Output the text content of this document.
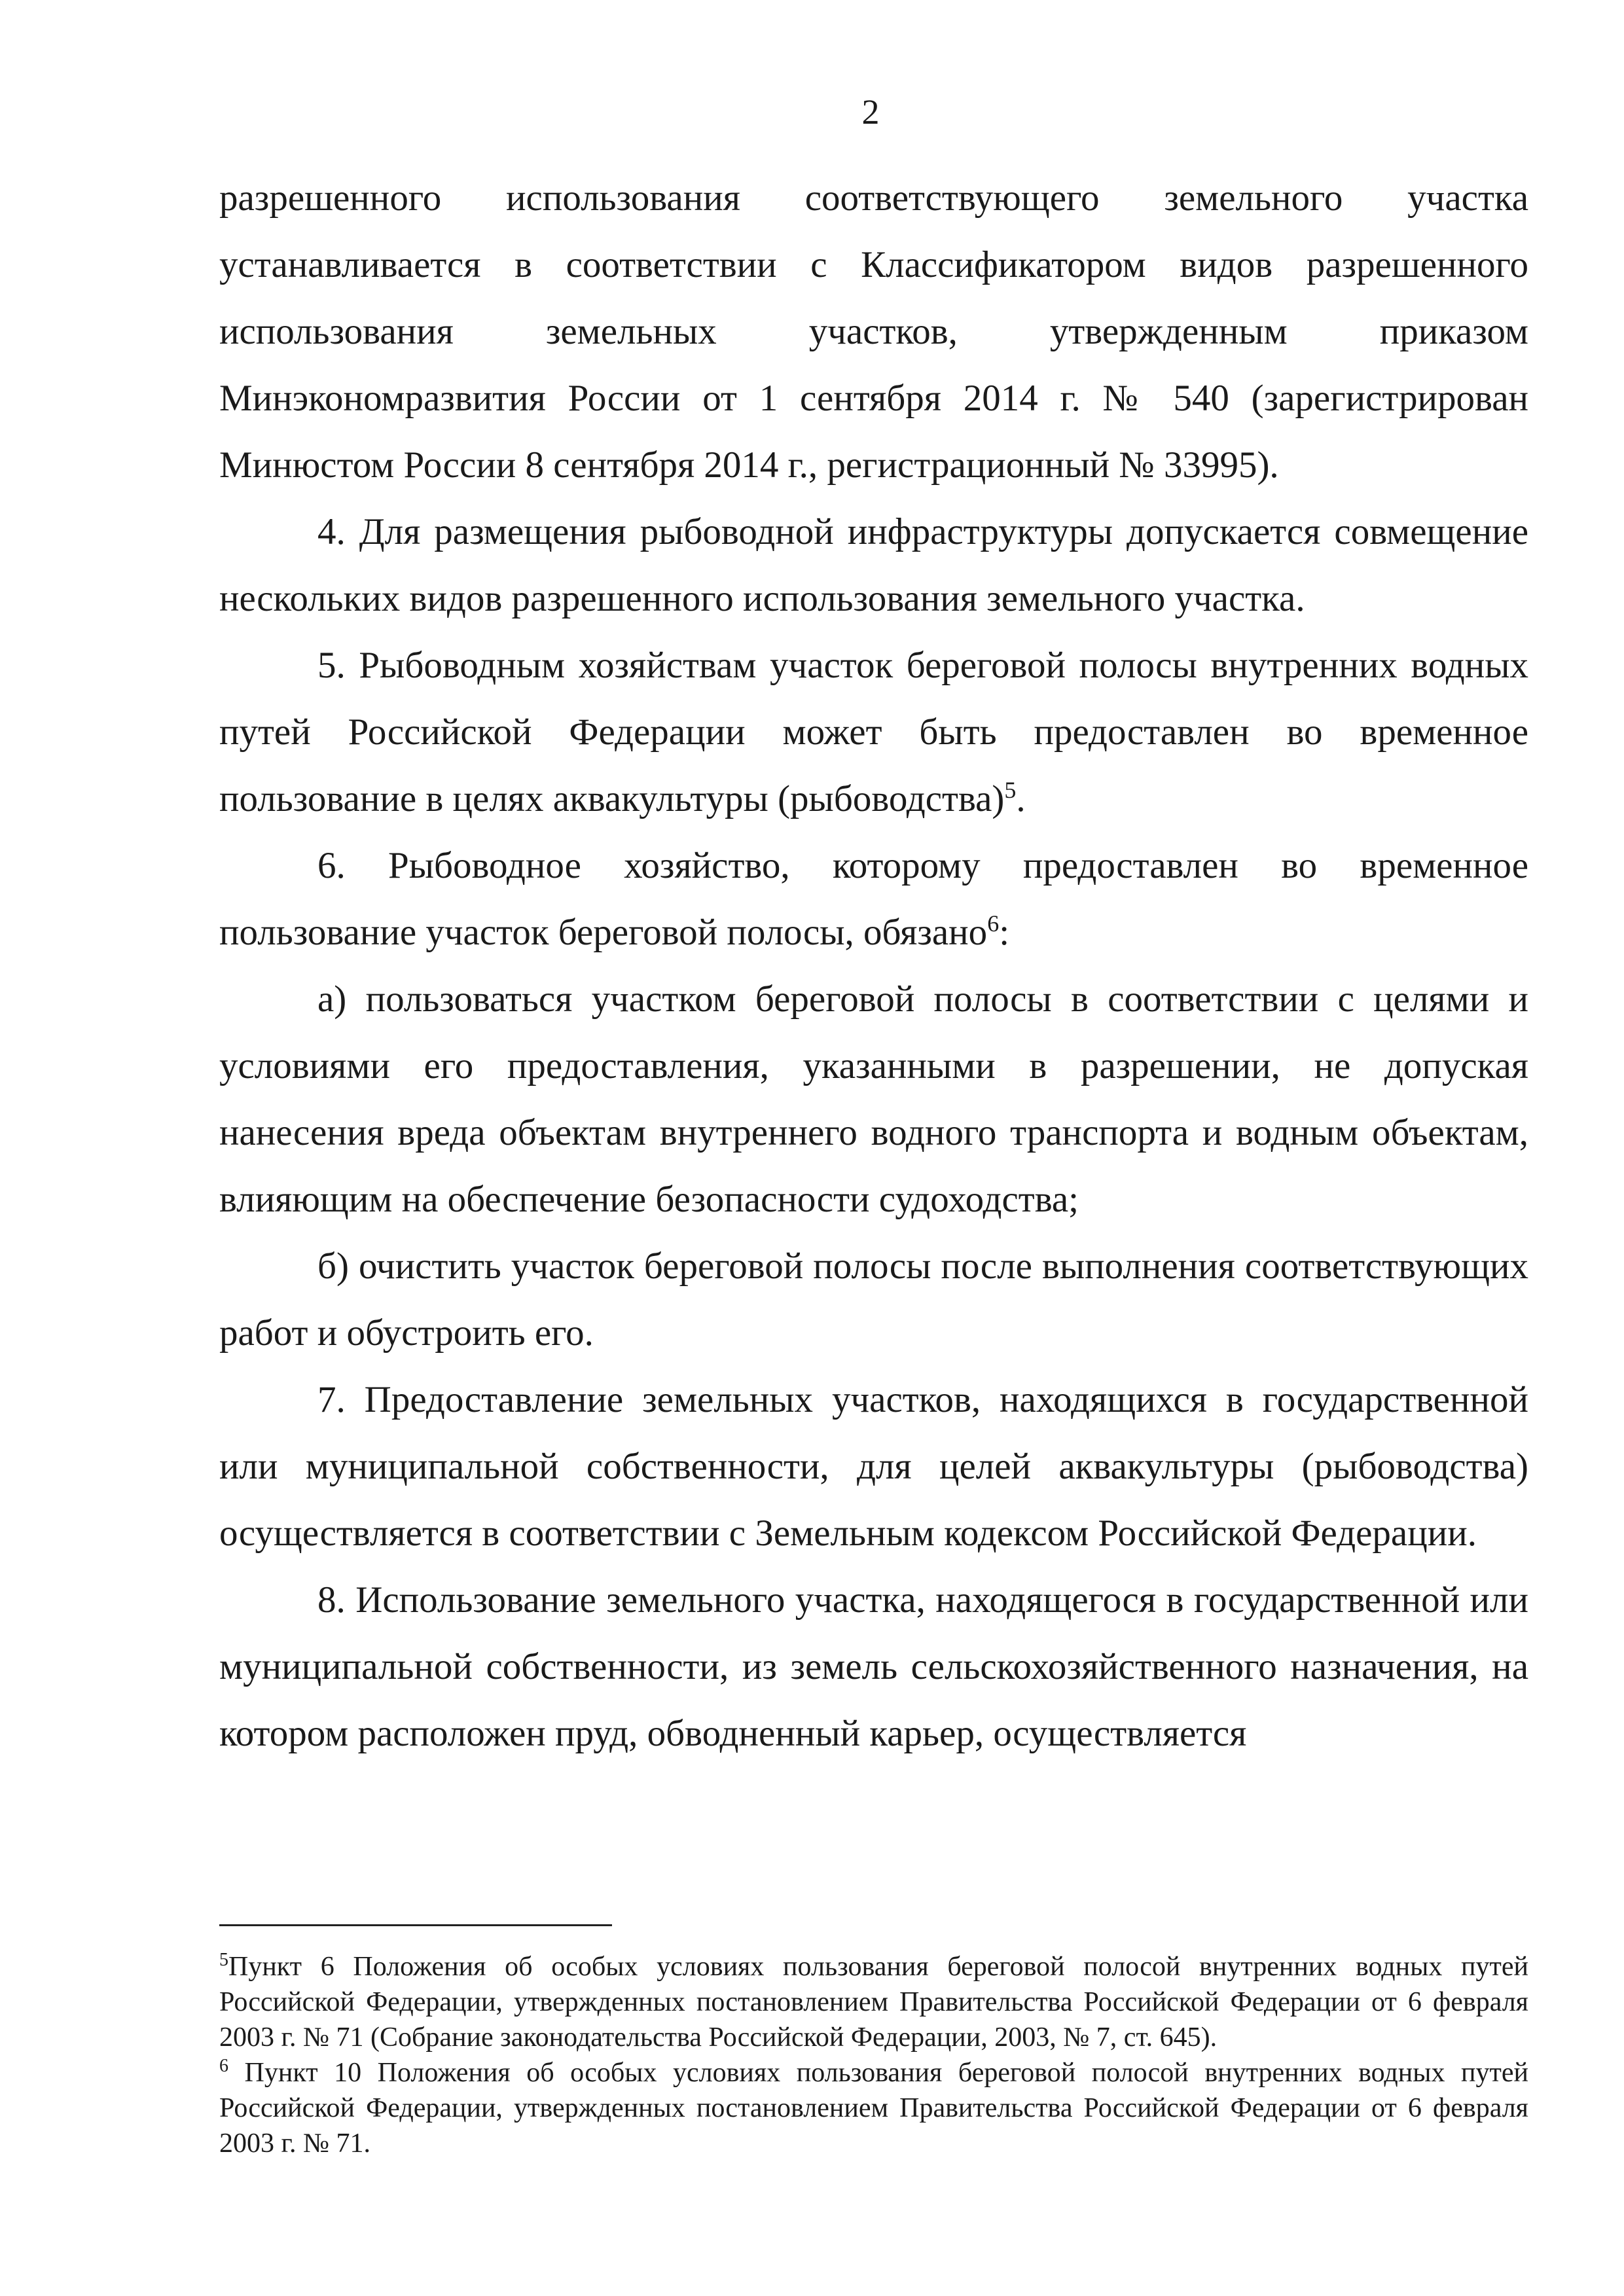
2

разрешенного использования соответствующего земельного участка устанавливается в соответствии с Классификатором видов разрешенного использования земельных участков, утвержденным приказом Минэкономразвития России от 1 сентября 2014 г. № 540 (зарегистрирован Минюстом России 8 сентября 2014 г., регистрационный № 33995).

4. Для размещения рыбоводной инфраструктуры допускается совмещение нескольких видов разрешенного использования земельного участка.

5. Рыбоводным хозяйствам участок береговой полосы внутренних водных путей Российской Федерации может быть предоставлен во временное пользование в целях аквакультуры (рыбоводства)$^5$.

6. Рыбоводное хозяйство, которому предоставлен во временное пользование участок береговой полосы, обязано$^6$:

а) пользоваться участком береговой полосы в соответствии с целями и условиями его предоставления, указанными в разрешении, не допуская нанесения вреда объектам внутреннего водного транспорта и водным объектам, влияющим на обеспечение безопасности судоходства;

б) очистить участок береговой полосы после выполнения соответствующих работ и обустроить его.

7. Предоставление земельных участков, находящихся в государственной или муниципальной собственности, для целей аквакультуры (рыбоводства) осуществляется в соответствии с Земельным кодексом Российской Федерации.

8. Использование земельного участка, находящегося в государственной или муниципальной собственности, из земель сельскохозяйственного назначения, на котором расположен пруд, обводненный карьер, осуществляется

$^5$Пункт 6 Положения об особых условиях пользования береговой полосой внутренних водных путей Российской Федерации, утвержденных постановлением Правительства Российской Федерации от 6 февраля 2003 г. № 71 (Собрание законодательства Российской Федерации, 2003, № 7, ст. 645).

$^6$ Пункт 10 Положения об особых условиях пользования береговой полосой внутренних водных путей Российской Федерации, утвержденных постановлением Правительства Российской Федерации от 6 февраля 2003 г. № 71.
